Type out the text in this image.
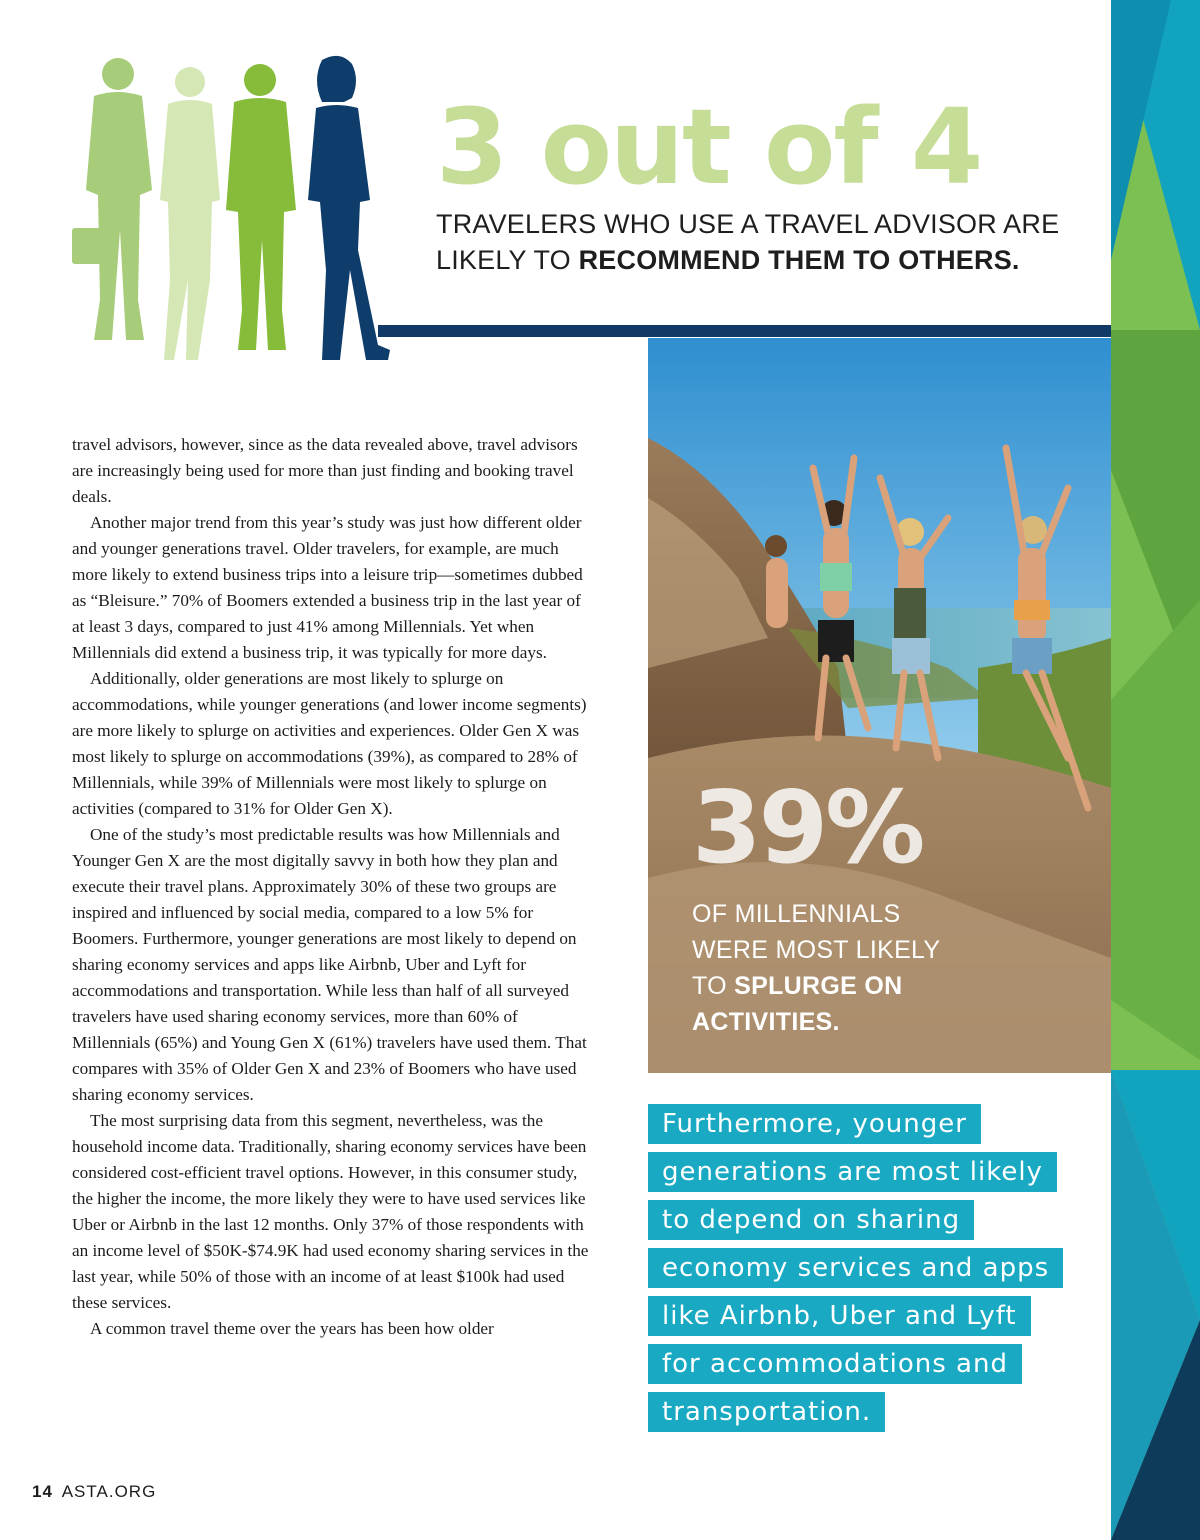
3 out of 4
TRAVELERS WHO USE A TRAVEL ADVISOR ARE
LIKELY TO RECOMMEND THEM TO OTHERS.

travel advisors, however, since as the data revealed above, travel advisors are increasingly being used for more than just finding and booking travel deals.

Another major trend from this year’s study was just how different older and younger generations travel. Older travelers, for example, are much more likely to extend business trips into a leisure trip—sometimes dubbed as “Bleisure.” 70% of Boomers extended a business trip in the last year of at least 3 days, compared to just 41% among Millennials. Yet when Millennials did extend a business trip, it was typically for more days.

Additionally, older generations are most likely to splurge on accommodations, while younger generations (and lower income segments) are more likely to splurge on activities and experiences. Older Gen X was most likely to splurge on accommodations (39%), as compared to 28% of Millennials, while 39% of Millennials were most likely to splurge on activities (compared to 31% for Older Gen X).

One of the study’s most predictable results was how Millennials and Younger Gen X are the most digitally savvy in both how they plan and execute their travel plans. Approximately 30% of these two groups are inspired and influenced by social media, compared to a low 5% for Boomers. Furthermore, younger generations are most likely to depend on sharing economy services and apps like Airbnb, Uber and Lyft for accommodations and transportation. While less than half of all surveyed travelers have used sharing economy services, more than 60% of Millennials (65%) and Young Gen X (61%) travelers have used them. That compares with 35% of Older Gen X and 23% of Boomers who have used sharing economy services.

The most surprising data from this segment, nevertheless, was the household income data. Traditionally, sharing economy services have been considered cost-efficient travel options. However, in this consumer study, the higher the income, the more likely they were to have used services like Uber or Airbnb in the last 12 months. Only 37% of those respondents with an income level of $50K-$74.9K had used economy sharing services in the last year, while 50% of those with an income of at least $100k had used these services.

A common travel theme over the years has been how older

39%
OF MILLENNIALS
WERE MOST LIKELY
TO SPLURGE ON
ACTIVITIES.
Furthermore, younger
generations are most likely
to depend on sharing
economy services and apps
like Airbnb, Uber and Lyft
for accommodations and
transportation.
14 ASTA.ORG
